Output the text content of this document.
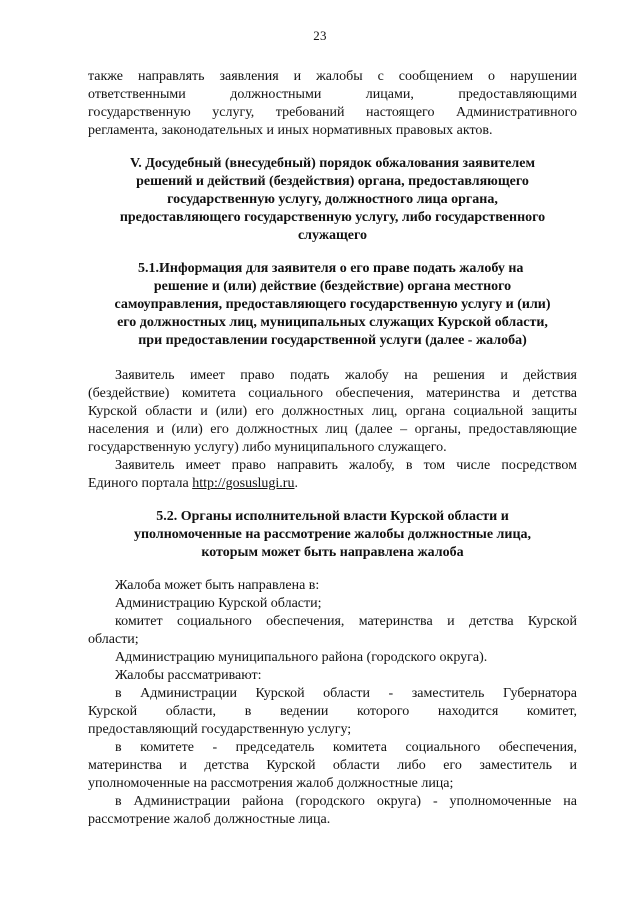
23
также направлять заявления и жалобы с сообщением о нарушении
ответственными должностными лицами, предоставляющими
государственную услугу, требований настоящего Административного
регламента, законодательных и иных нормативных правовых актов.
V. Досудебный (внесудебный) порядок обжалования заявителем
решений и действий (бездействия) органа, предоставляющего
государственную услугу, должностного лица органа,
предоставляющего государственную услугу, либо государственного
служащего
5.1.Информация для заявителя о его праве подать жалобу на
решение и (или) действие (бездействие) органа местного
самоуправления, предоставляющего государственную услугу и (или)
его должностных лиц, муниципальных служащих Курской области,
при предоставлении государственной услуги (далее - жалоба)
Заявитель имеет право подать жалобу на решения и действия
(бездействие) комитета социального обеспечения, материнства и детства
Курской области и (или) его должностных лиц, органа социальной защиты
населения и (или) его должностных лиц (далее – органы, предоставляющие
государственную услугу) либо муниципального служащего.
Заявитель имеет право направить жалобу, в том числе посредством
Единого портала http://gosuslugi.ru.
5.2. Органы исполнительной власти Курской области и
уполномоченные на рассмотрение жалобы должностные лица,
которым может быть направлена жалоба
Жалоба может быть направлена в:
Администрацию Курской области;
комитет социального обеспечения, материнства и детства Курской
области;
Администрацию муниципального района (городского округа).
Жалобы рассматривают:
в Администрации Курской области - заместитель Губернатора
Курской области, в ведении которого находится комитет,
предоставляющий государственную услугу;
в комитете - председатель комитета социального обеспечения,
материнства и детства Курской области либо его заместитель и
уполномоченные на рассмотрения жалоб должностные лица;
в Администрации района (городского округа) - уполномоченные на
рассмотрение жалоб должностные лица.
